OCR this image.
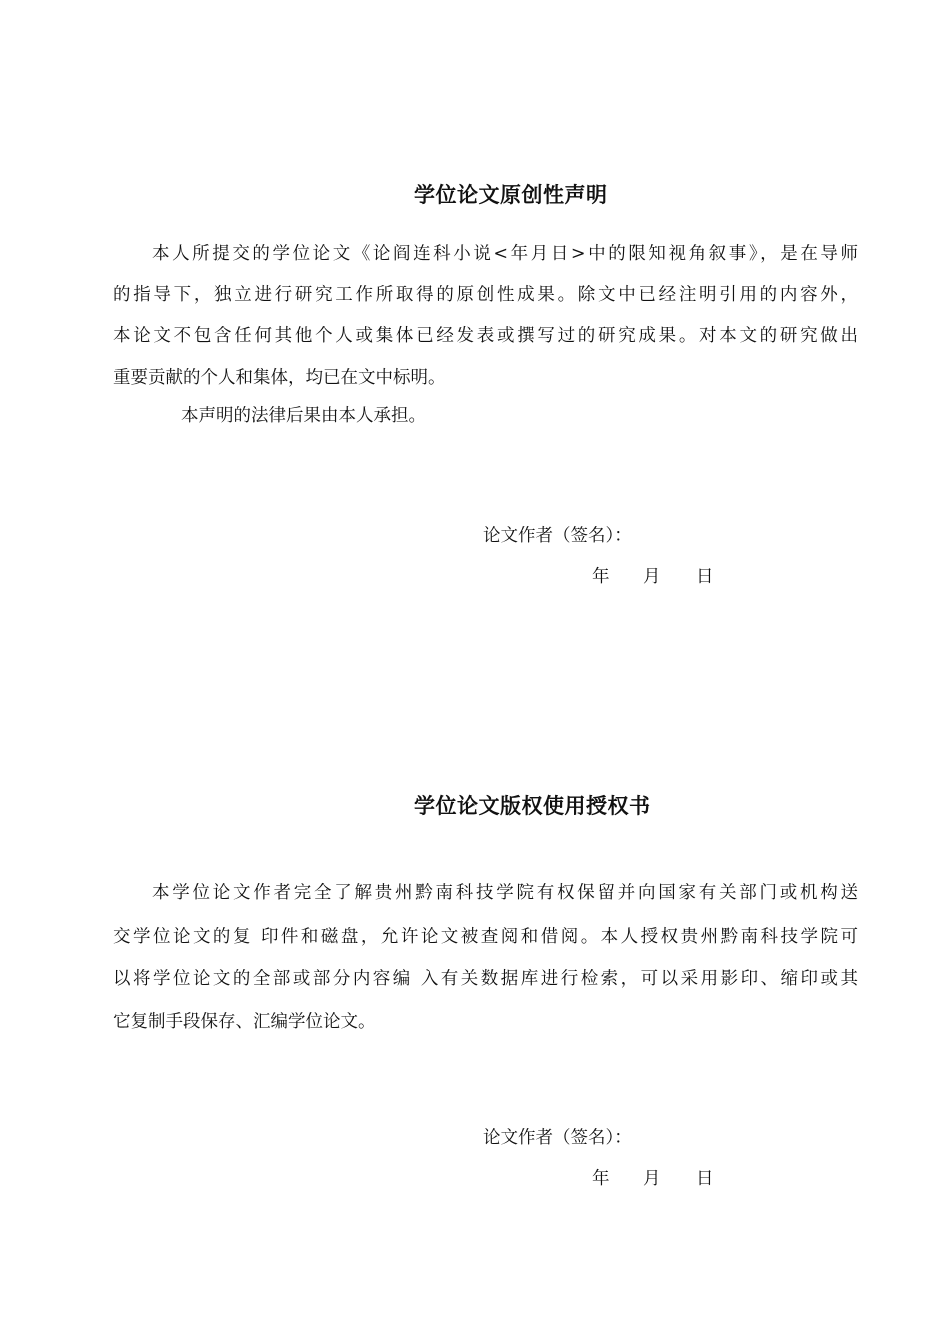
学位论文原创性声明
本人所提交的学位论文《论阎连科小说<年月日>中的限知视角叙事》，是在导师
的指导下，独立进行研究工作所取得的原创性成果。除文中已经注明引用的内容外，
本论文不包含任何其他个人或集体已经发表或撰写过的研究成果。对本文的研究做出
重要贡献的个人和集体，均已在文中标明。
本声明的法律后果由本人承担。
论文作者（签名）：
年 月 日
学位论文版权使用授权书
本学位论文作者完全了解贵州黔南科技学院有权保留并向国家有关部门或机构送
交学位论文的复 印件和磁盘，允许论文被查阅和借阅。本人授权贵州黔南科技学院可
以将学位论文的全部或部分内容编 入有关数据库进行检索，可以采用影印、缩印或其
它复制手段保存、汇编学位论文。
论文作者（签名）：
年 月 日
